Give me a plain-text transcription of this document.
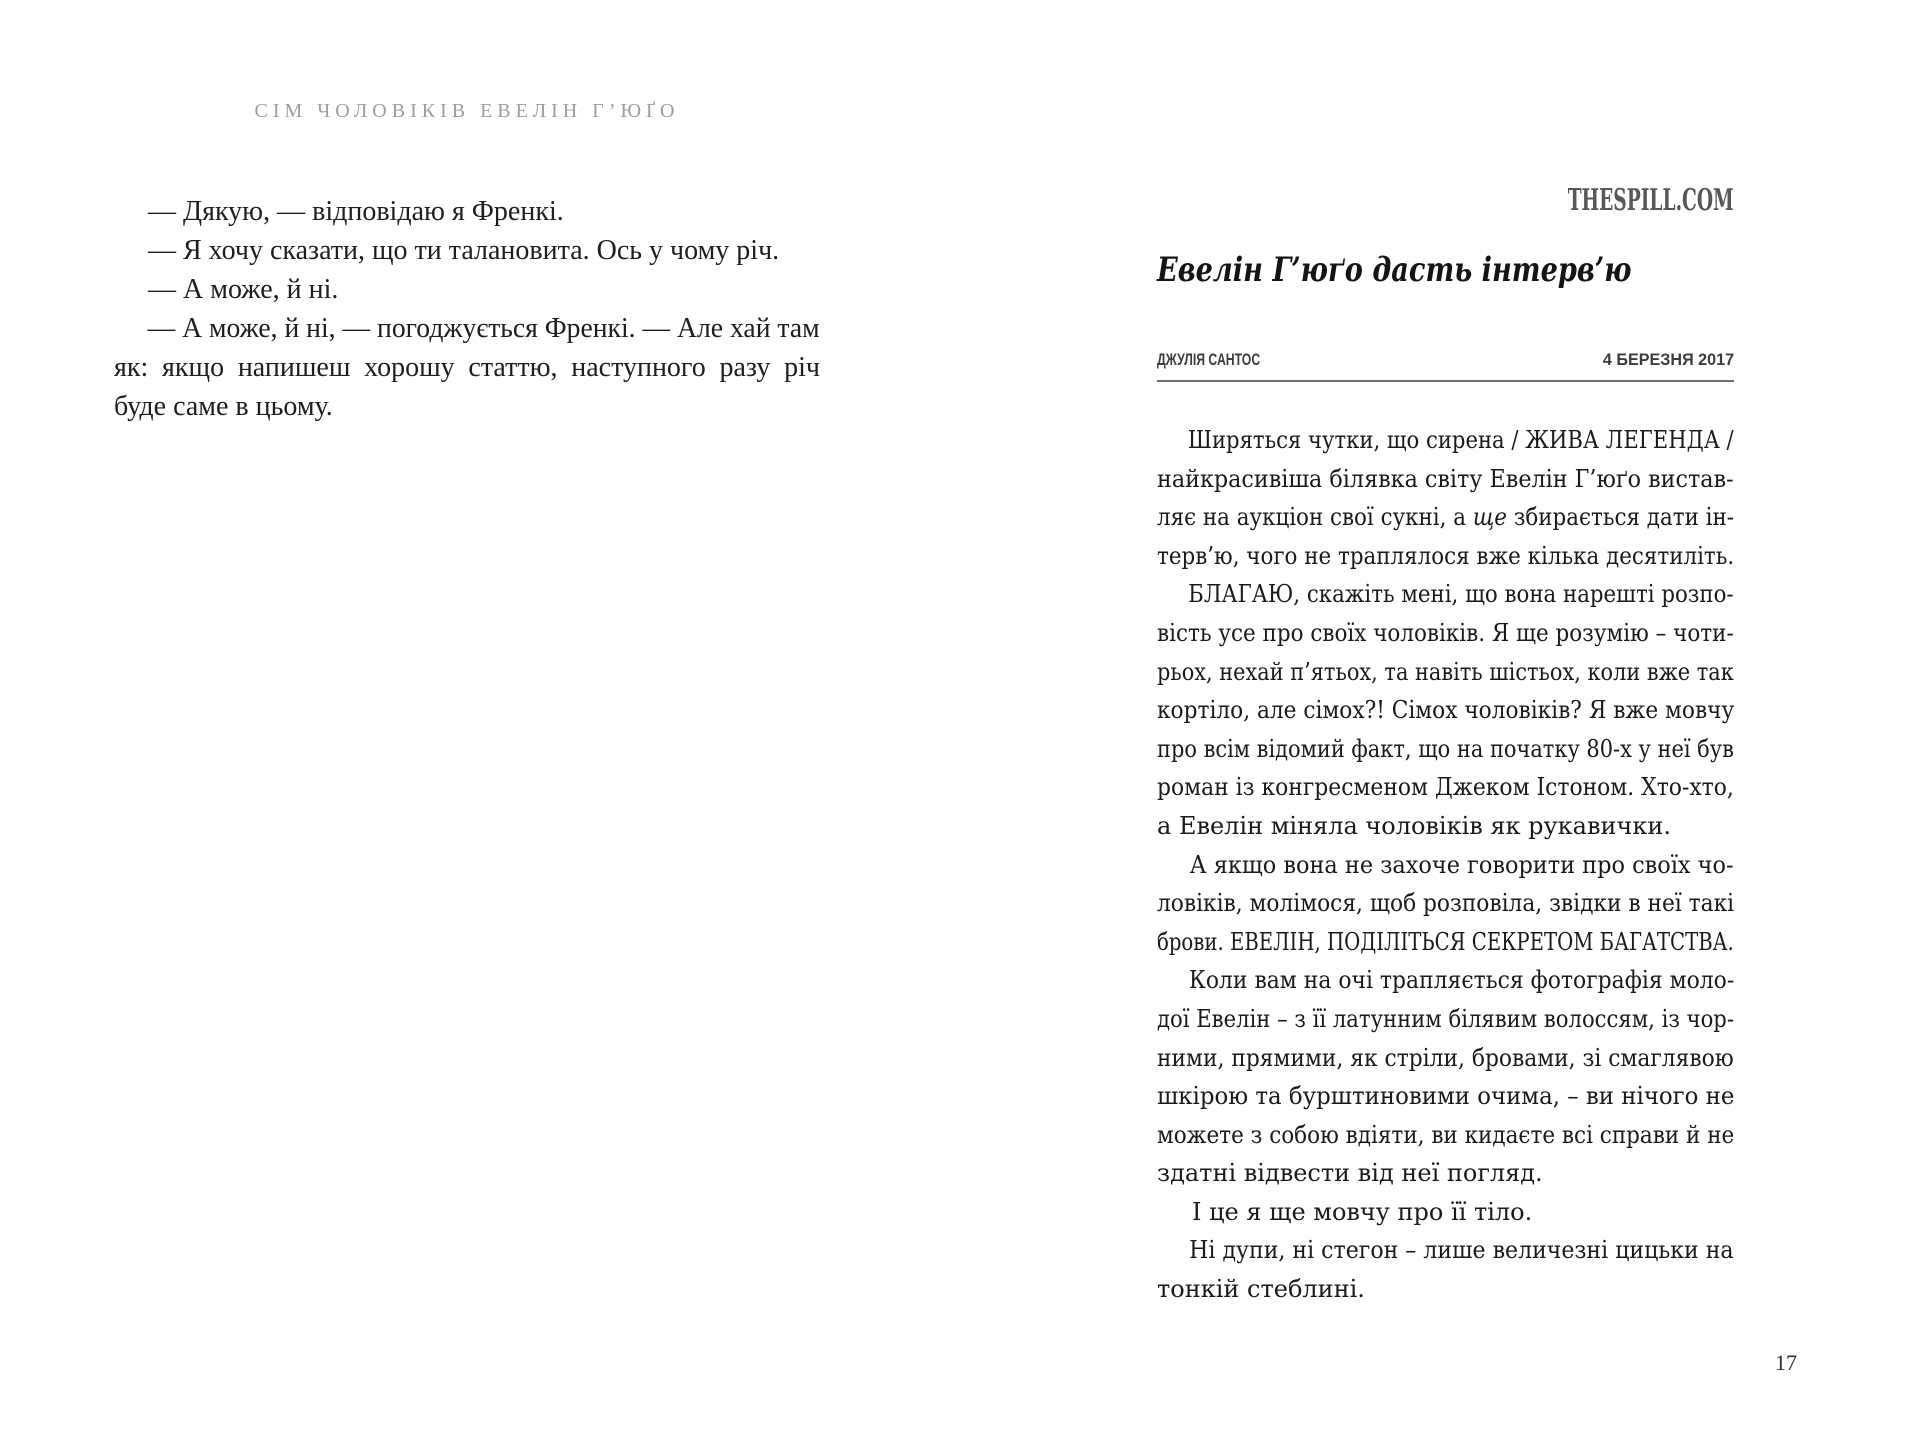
СІМ ЧОЛОВІКІВ ЕВЕЛІН Г’ЮҐО
— Дякую, — відповідаю я Френкі.
— Я хочу сказати, що ти талановита. Ось у чому річ.
— А може, й ні.
— А може, й ні, — погоджується Френкі. — Але хай там
як: якщо напишеш хорошу статтю, наступного разу річ
буде саме в цьому.
THESPILL.COM
Евелін Г’юґо дасть інтерв’ю
ДЖУЛІЯ САНТОС	4 БЕРЕЗНЯ 2017
Ширяться чутки, що сирена / ЖИВА ЛЕГЕНДА /
найкрасивіша білявка світу Евелін Г’юґо вистав-
ляє на аукціон свої сукні, а ще збирається дати ін-
терв’ю, чого не траплялося вже кілька десятиліть.
БЛАГАЮ, скажіть мені, що вона нарешті розпо-
вість усе про своїх чоловіків. Я ще розумію – чоти-
рьох, нехай п’ятьох, та навіть шістьох, коли вже так
кортіло, але сімох?! Сімох чоловіків? Я вже мовчу
про всім відомий факт, що на початку 80-х у неї був
роман із конгресменом Джеком Істоном. Хто-хто,
а Евелін міняла чоловіків як рукавички.
А якщо вона не захоче говорити про своїх чо-
ловіків, молімося, щоб розповіла, звідки в неї такі
брови. ЕВЕЛІН, ПОДІЛІТЬСЯ СЕКРЕТОМ БАГАТСТВА.
Коли вам на очі трапляється фотографія моло-
дої Евелін – з її латунним білявим волоссям, із чор-
ними, прямими, як стріли, бровами, зі смаглявою
шкірою та бурштиновими очима, – ви нічого не
можете з собою вдіяти, ви кидаєте всі справи й не
здатні відвести від неї погляд.
І це я ще мовчу про її тіло.
Ні дупи, ні стегон – лише величезні цицьки на
тонкій стеблині.
17
